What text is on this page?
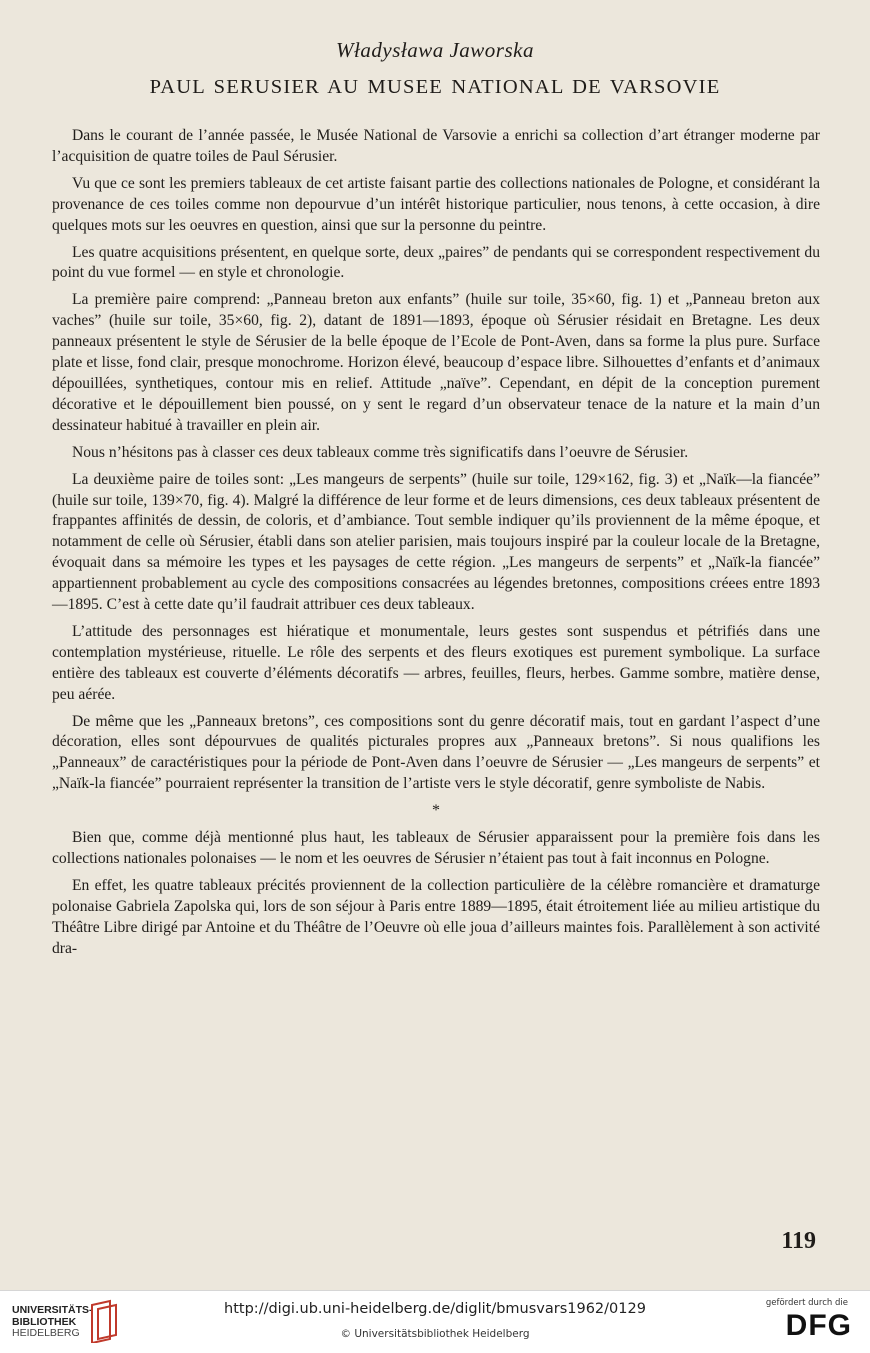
Władysława Jaworska
PAUL SERUSIER AU MUSEE NATIONAL DE VARSOVIE

Dans le courant de l’année passée, le Musée National de Varsovie a enrichi sa collection d’art étranger moderne par l’acquisition de quatre toiles de Paul Sérusier.

Vu que ce sont les premiers tableaux de cet artiste faisant partie des collections nationales de Pologne, et considérant la provenance de ces toiles comme non depourvue d’un intérêt historique particulier, nous tenons, à cette occasion, à dire quelques mots sur les oeuvres en question, ainsi que sur la personne du peintre.

Les quatre acquisitions présentent, en quelque sorte, deux „paires” de pendants qui se correspondent respectivement du point du vue formel — en style et chronologie.

La première paire comprend: „Panneau breton aux enfants” (huile sur toile, 35×60, fig. 1) et „Panneau breton aux vaches” (huile sur toile, 35×60, fig. 2), datant de 1891—1893, époque où Sérusier résidait en Bretagne. Les deux panneaux présentent le style de Sérusier de la belle époque de l’Ecole de Pont-Aven, dans sa forme la plus pure. Surface plate et lisse, fond clair, presque monochrome. Horizon élevé, beaucoup d’espace libre. Silhouettes d’enfants et d’animaux dépouillées, synthetiques, contour mis en relief. Attitude „naïve”. Cependant, en dépit de la conception purement décorative et le dépouillement bien poussé, on y sent le regard d’un observateur tenace de la nature et la main d’un dessinateur habitué à travailler en plein air.

Nous n’hésitons pas à classer ces deux tableaux comme très significatifs dans l’oeuvre de Sérusier.

La deuxième paire de toiles sont: „Les mangeurs de serpents” (huile sur toile, 129×162, fig. 3) et „Naïk—la fiancée” (huile sur toile, 139×70, fig. 4). Malgré la différence de leur forme et de leurs dimensions, ces deux tableaux présentent de frappantes affinités de dessin, de coloris, et d’ambiance. Tout semble indiquer qu’ils proviennent de la même époque, et notamment de celle où Sérusier, établi dans son atelier parisien, mais toujours inspiré par la couleur locale de la Bretagne, évoquait dans sa mémoire les types et les paysages de cette région. „Les mangeurs de serpents” et „Naïk-la fiancée” appartiennent probablement au cycle des compositions consacrées au légendes bretonnes, compositions créees entre 1893—1895. C’est à cette date qu’il faudrait attribuer ces deux tableaux.

L’attitude des personnages est hiératique et monumentale, leurs gestes sont suspendus et pétrifiés dans une contemplation mystérieuse, rituelle. Le rôle des serpents et des fleurs exotiques est purement symbolique. La surface entière des tableaux est couverte d’éléments décoratifs — arbres, feuilles, fleurs, herbes. Gamme sombre, matière dense, peu aérée.

De même que les „Panneaux bretons”, ces compositions sont du genre décoratif mais, tout en gardant l’aspect d’une décoration, elles sont dépourvues de qualités picturales propres aux „Panneaux bretons”. Si nous qualifions les „Panneaux” de caractéristiques pour la période de Pont-Aven dans l’oeuvre de Sérusier — „Les mangeurs de serpents” et „Naïk-la fiancée” pourraient représenter la transition de l’artiste vers le style décoratif, genre symboliste de Nabis.

*

Bien que, comme déjà mentionné plus haut, les tableaux de Sérusier apparaissent pour la première fois dans les collections nationales polonaises — le nom et les oeuvres de Sérusier n’étaient pas tout à fait inconnus en Pologne.

En effet, les quatre tableaux précités proviennent de la collection particulière de la célèbre romancière et dramaturge polonaise Gabriela Zapolska qui, lors de son séjour à Paris entre 1889—1895, était étroitement liée au milieu artistique du Théâtre Libre dirigé par Antoine et du Théâtre de l’Oeuvre où elle joua d’ailleurs maintes fois. Parallèlement à son activité dra-

119
UNIVERSITÄTS-
BIBLIOTHEK
HEIDELBERG
http://digi.ub.uni-heidelberg.de/diglit/bmusvars1962/0129
© Universitätsbibliothek Heidelberg
gefördert durch die
DFG
